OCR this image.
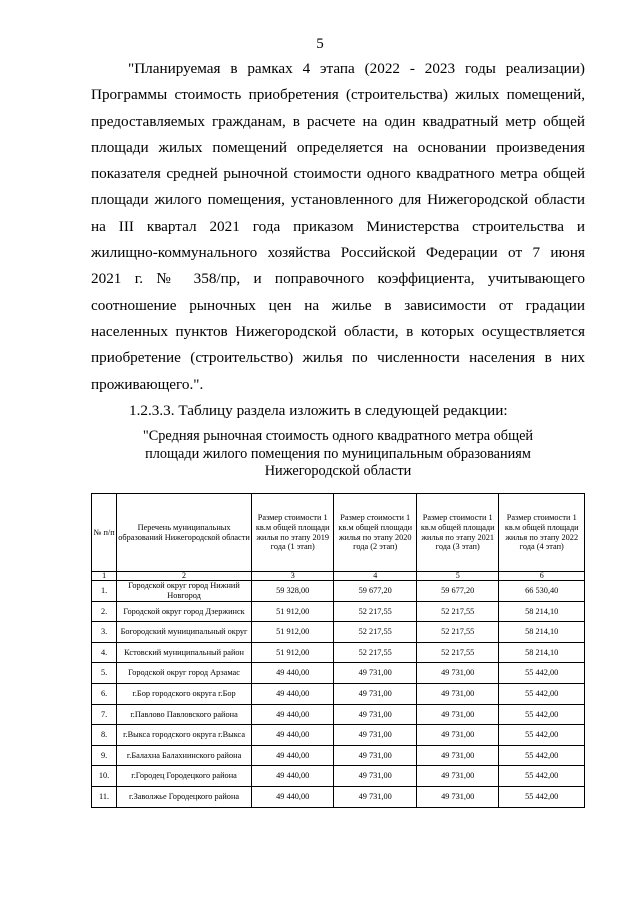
5
"Планируемая в рамках 4 этапа (2022 - 2023 годы реализации)
Программы стоимость приобретения (строительства) жилых помещений,
предоставляемых гражданам, в расчете на один квадратный метр общей
площади жилых помещений определяется на основании произведения
показателя средней рыночной стоимости одного квадратного метра общей
площади жилого помещения, установленного для Нижегородской области
на III квартал 2021 года приказом Министерства строительства и
жилищно-коммунального хозяйства Российской Федерации от 7 июня
2021 г. № 358/пр, и поправочного коэффициента, учитывающего
соотношение рыночных цен на жилье в зависимости от градации
населенных пунктов Нижегородской области, в которых осуществляется
приобретение (строительство) жилья по численности населения в них
проживающего.".
1.2.3.3. Таблицу раздела изложить в следующей редакции:
"Средняя рыночная стоимость одного квадратного метра общей
площади жилого помещения по муниципальным образованиям
Нижегородской области
№ п/п	Перечень муниципальных образований Нижегородской области	Размер стоимости 1 кв.м общей площади жилья по этапу 2019 года (1 этап)	Размер стоимости 1 кв.м общей площади жилья по этапу 2020 года (2 этап)	Размер стоимости 1 кв.м общей площади жилья по этапу 2021 года (3 этап)	Размер стоимости 1 кв.м общей площади жилья по этапу 2022 года (4 этап)
1	2	3	4	5	6
1.	Городской округ город Нижний Новгород	59 328,00	59 677,20	59 677,20	66 530,40
2.	Городской округ город Дзержинск	51 912,00	52 217,55	52 217,55	58 214,10
3.	Богородский муниципальный округ	51 912,00	52 217,55	52 217,55	58 214,10
4.	Кстовский муниципальный район	51 912,00	52 217,55	52 217,55	58 214,10
5.	Городской округ город Арзамас	49 440,00	49 731,00	49 731,00	55 442,00
6.	г.Бор городского округа г.Бор	49 440,00	49 731,00	49 731,00	55 442,00
7.	г.Павлово Павловского района	49 440,00	49 731,00	49 731,00	55 442,00
8.	г.Выкса городского округа г.Выкса	49 440,00	49 731,00	49 731,00	55 442,00
9.	г.Балахна Балахнинского района	49 440,00	49 731,00	49 731,00	55 442,00
10.	г.Городец Городецкого района	49 440,00	49 731,00	49 731,00	55 442,00
11.	г.Заволжье Городецкого района	49 440,00	49 731,00	49 731,00	55 442,00
